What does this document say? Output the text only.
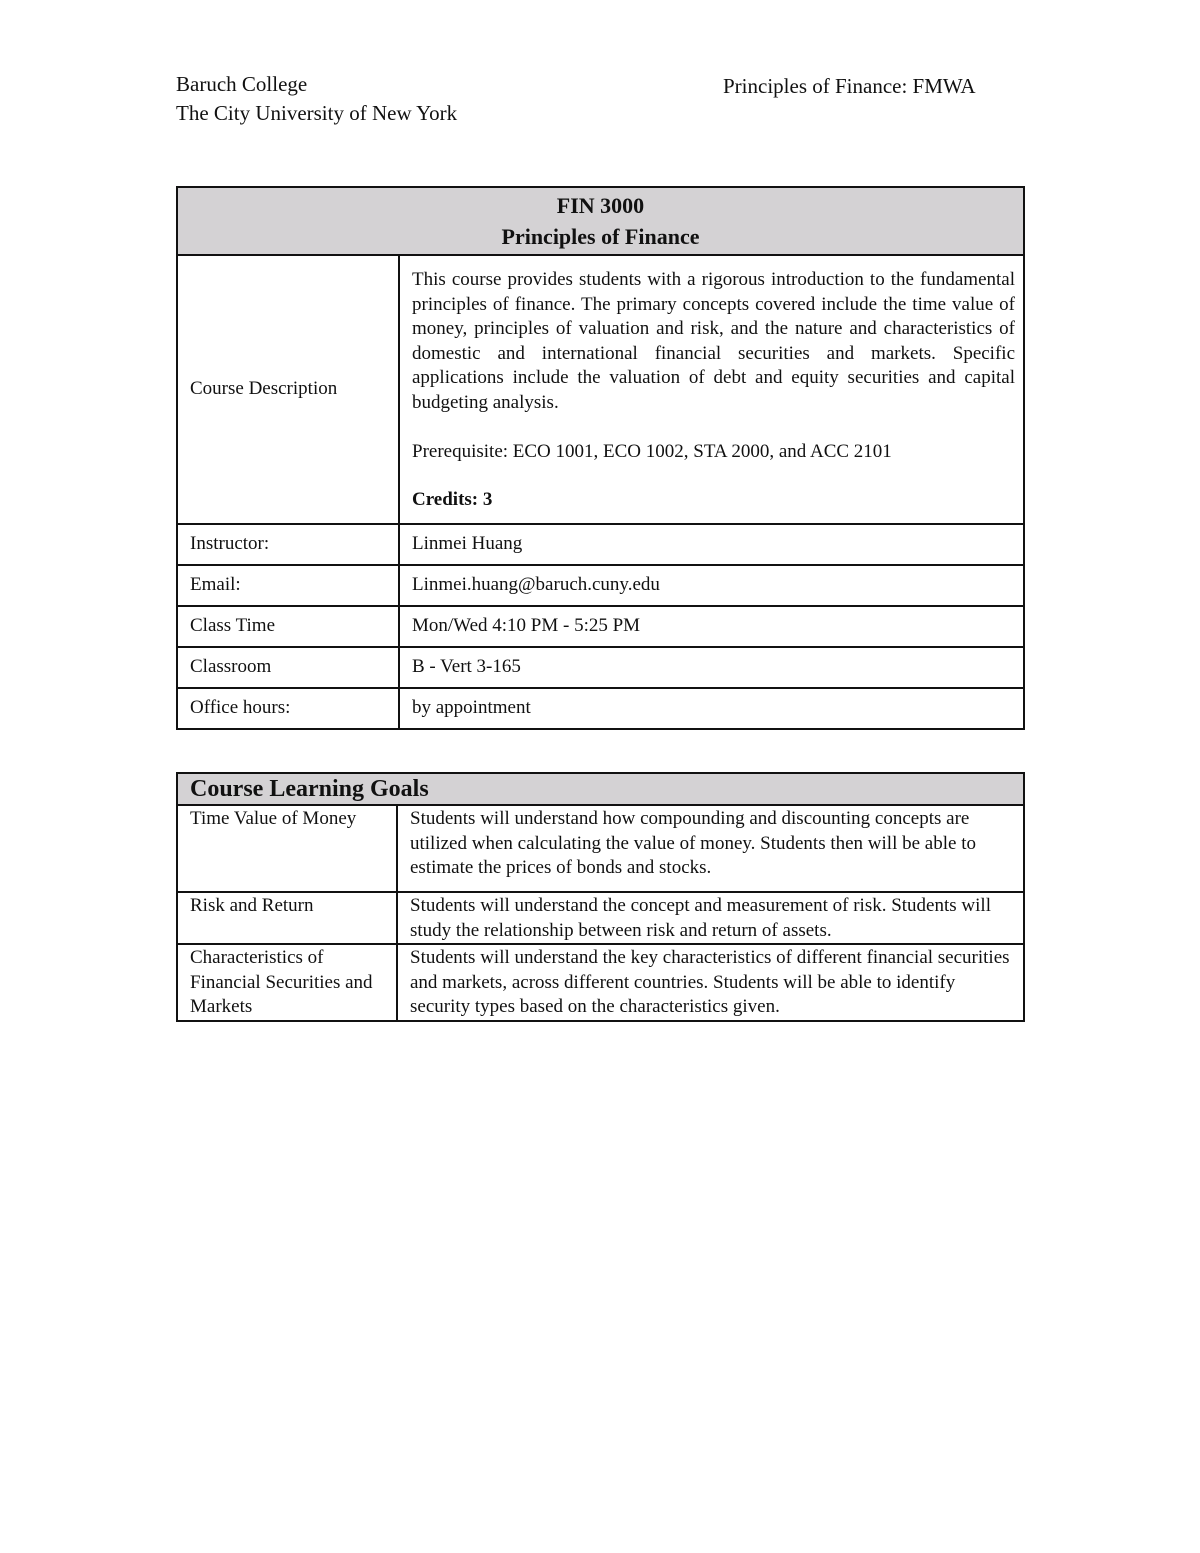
Baruch College
The City University of New York
Principles of Finance: FMWA
FIN 3000
Principles of Finance	

Course Description	This course provides students with a rigorous introduction to the fundamental principles of finance. The primary concepts covered include the time value of money, principles of valuation and risk, and the nature and characteristics of domestic and international financial securities and markets. Specific applications include the valuation of debt and equity securities and capital budgeting analysis.

Prerequisite: ECO 1001, ECO 1002, STA 2000, and ACC 2101

Credits: 3

Instructor:	Linmei Huang
Email:	Linmei.huang@baruch.cuny.edu
Class Time	Mon/Wed 4:10 PM - 5:25 PM
Classroom	B - Vert 3-165
Office hours:	by appointment
Course Learning Goals	
Time Value of Money	Students will understand how compounding and discounting concepts are utilized when calculating the value of money. Students then will be able to estimate the prices of bonds and stocks.
Risk and Return	Students will understand the concept and measurement of risk. Students will study the relationship between risk and return of assets.
Characteristics of Financial Securities and Markets	Students will understand the key characteristics of different financial securities and markets, across different countries. Students will be able to identify security types based on the characteristics given.
